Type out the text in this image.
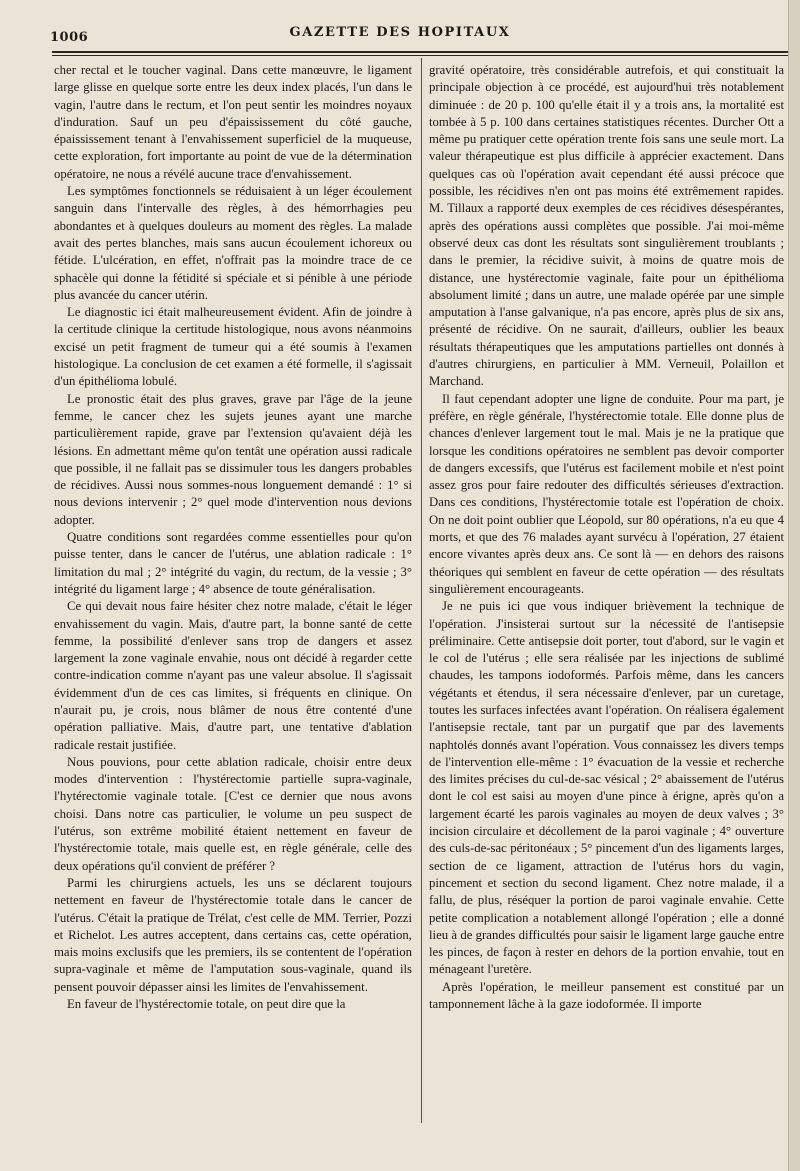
1006	GAZETTE DES HOPITAUX

cher rectal et le toucher vaginal. Dans cette manœuvre, le ligament large glisse en quelque sorte entre les deux index placés, l'un dans le vagin, l'autre dans le rectum, et l'on peut sentir les moindres noyaux d'induration. Sauf un peu d'épaississement du côté gauche, épaississement tenant à l'envahissement superficiel de la muqueuse, cette exploration, fort importante au point de vue de la détermination opératoire, ne nous a révélé aucune trace d'envahissement.

Les symptômes fonctionnels se réduisaient à un léger écoulement sanguin dans l'intervalle des règles, à des hémorrhagies peu abondantes et à quelques douleurs au moment des règles. La malade avait des pertes blanches, mais sans aucun écoulement ichoreux ou fétide. L'ulcération, en effet, n'offrait pas la moindre trace de ce sphacèle qui donne la fétidité si spéciale et si pénible à une période plus avancée du cancer utérin.

Le diagnostic ici était malheureusement évident. Afin de joindre à la certitude clinique la certitude histologique, nous avons néanmoins excisé un petit fragment de tumeur qui a été soumis à l'examen histologique. La conclusion de cet examen a été formelle, il s'agissait d'un épithélioma lobulé.

Le pronostic était des plus graves, grave par l'âge de la jeune femme, le cancer chez les sujets jeunes ayant une marche particulièrement rapide, grave par l'extension qu'avaient déjà les lésions. En admettant même qu'on tentât une opération aussi radicale que possible, il ne fallait pas se dissimuler tous les dangers probables de récidives. Aussi nous sommes-nous longuement demandé : 1° si nous devions intervenir ; 2° quel mode d'intervention nous devions adopter.

Quatre conditions sont regardées comme essentielles pour qu'on puisse tenter, dans le cancer de l'utérus, une ablation radicale : 1° limitation du mal ; 2° intégrité du vagin, du rectum, de la vessie ; 3° intégrité du ligament large ; 4° absence de toute généralisation.

Ce qui devait nous faire hésiter chez notre malade, c'était le léger envahissement du vagin. Mais, d'autre part, la bonne santé de cette femme, la possibilité d'enlever sans trop de dangers et assez largement la zone vaginale envahie, nous ont décidé à regarder cette contre-indication comme n'ayant pas une valeur absolue. Il s'agissait évidemment d'un de ces cas limites, si fréquents en clinique. On n'aurait pu, je crois, nous blâmer de nous être contenté d'une opération palliative. Mais, d'autre part, une tentative d'ablation radicale restait justifiée.

Nous pouvions, pour cette ablation radicale, choisir entre deux modes d'intervention : l'hystérectomie partielle supra-vaginale, l'hytérectomie vaginale totale. [C'est ce dernier que nous avons choisi. Dans notre cas particulier, le volume un peu suspect de l'utérus, son extrême mobilité étaient nettement en faveur de l'hystérectomie totale, mais quelle est, en règle générale, celle des deux opérations qu'il convient de préférer ?

Parmi les chirurgiens actuels, les uns se déclarent toujours nettement en faveur de l'hystérectomie totale dans le cancer de l'utérus. C'était la pratique de Trélat, c'est celle de MM. Terrier, Pozzi et Richelot. Les autres acceptent, dans certains cas, cette opération, mais moins exclusifs que les premiers, ils se contentent de l'opération supra-vaginale et même de l'amputation sous-vaginale, quand ils pensent pouvoir dépasser ainsi les limites de l'envahissement.

En faveur de l'hystérectomie totale, on peut dire que la

gravité opératoire, très considérable autrefois, et qui constituait la principale objection à ce procédé, est aujourd'hui très notablement diminuée : de 20 p. 100 qu'elle était il y a trois ans, la mortalité est tombée à 5 p. 100 dans certaines statistiques récentes. Durcher Ott a même pu pratiquer cette opération trente fois sans une seule mort. La valeur thérapeutique est plus difficile à apprécier exactement. Dans quelques cas où l'opération avait cependant été aussi précoce que possible, les récidives n'en ont pas moins été extrêmement rapides. M. Tillaux a rapporté deux exemples de ces récidives désespérantes, après des opérations aussi complètes que possible. J'ai moi-même observé deux cas dont les résultats sont singulièrement troublants ; dans le premier, la récidive suivit, à moins de quatre mois de distance, une hystérectomie vaginale, faite pour un épithélioma absolument limité ; dans un autre, une malade opérée par une simple amputation à l'anse galvanique, n'a pas encore, après plus de six ans, présenté de récidive. On ne saurait, d'ailleurs, oublier les beaux résultats thérapeutiques que les amputations partielles ont donnés à d'autres chirurgiens, en particulier à MM. Verneuil, Polaillon et Marchand.

Il faut cependant adopter une ligne de conduite. Pour ma part, je préfère, en règle générale, l'hystérectomie totale. Elle donne plus de chances d'enlever largement tout le mal. Mais je ne la pratique que lorsque les conditions opératoires ne semblent pas devoir comporter de dangers excessifs, que l'utérus est facilement mobile et n'est point assez gros pour faire redouter des difficultés sérieuses d'extraction. Dans ces conditions, l'hystérectomie totale est l'opération de choix. On ne doit point oublier que Léopold, sur 80 opérations, n'a eu que 4 morts, et que des 76 malades ayant survécu à l'opération, 27 étaient encore vivantes après deux ans. Ce sont là — en dehors des raisons théoriques qui semblent en faveur de cette opération — des résultats singulièrement encourageants.

Je ne puis ici que vous indiquer brièvement la technique de l'opération. J'insisterai surtout sur la nécessité de l'antisepsie préliminaire. Cette antisepsie doit porter, tout d'abord, sur le vagin et le col de l'utérus ; elle sera réalisée par les injections de sublimé chaudes, les tampons iodoformés. Parfois même, dans les cancers végétants et étendus, il sera nécessaire d'enlever, par un curetage, toutes les surfaces infectées avant l'opération. On réalisera également l'antisepsie rectale, tant par un purgatif que par des lavements naphtolés donnés avant l'opération. Vous connaissez les divers temps de l'intervention elle-même : 1° évacuation de la vessie et recherche des limites précises du cul-de-sac vésical ; 2° abaissement de l'utérus dont le col est saisi au moyen d'une pince à érigne, après qu'on a largement écarté les parois vaginales au moyen de deux valves ; 3° incision circulaire et décollement de la paroi vaginale ; 4° ouverture des culs-de-sac péritonéaux ; 5° pincement d'un des ligaments larges, section de ce ligament, attraction de l'utérus hors du vagin, pincement et section du second ligament. Chez notre malade, il a fallu, de plus, réséquer la portion de paroi vaginale envahie. Cette petite complication a notablement allongé l'opération ; elle a donné lieu à de grandes difficultés pour saisir le ligament large gauche entre les pinces, de façon à rester en dehors de la portion envahie, tout en ménageant l'uretère.

Après l'opération, le meilleur pansement est constitué par un tamponnement lâche à la gaze iodoformée. Il importe
